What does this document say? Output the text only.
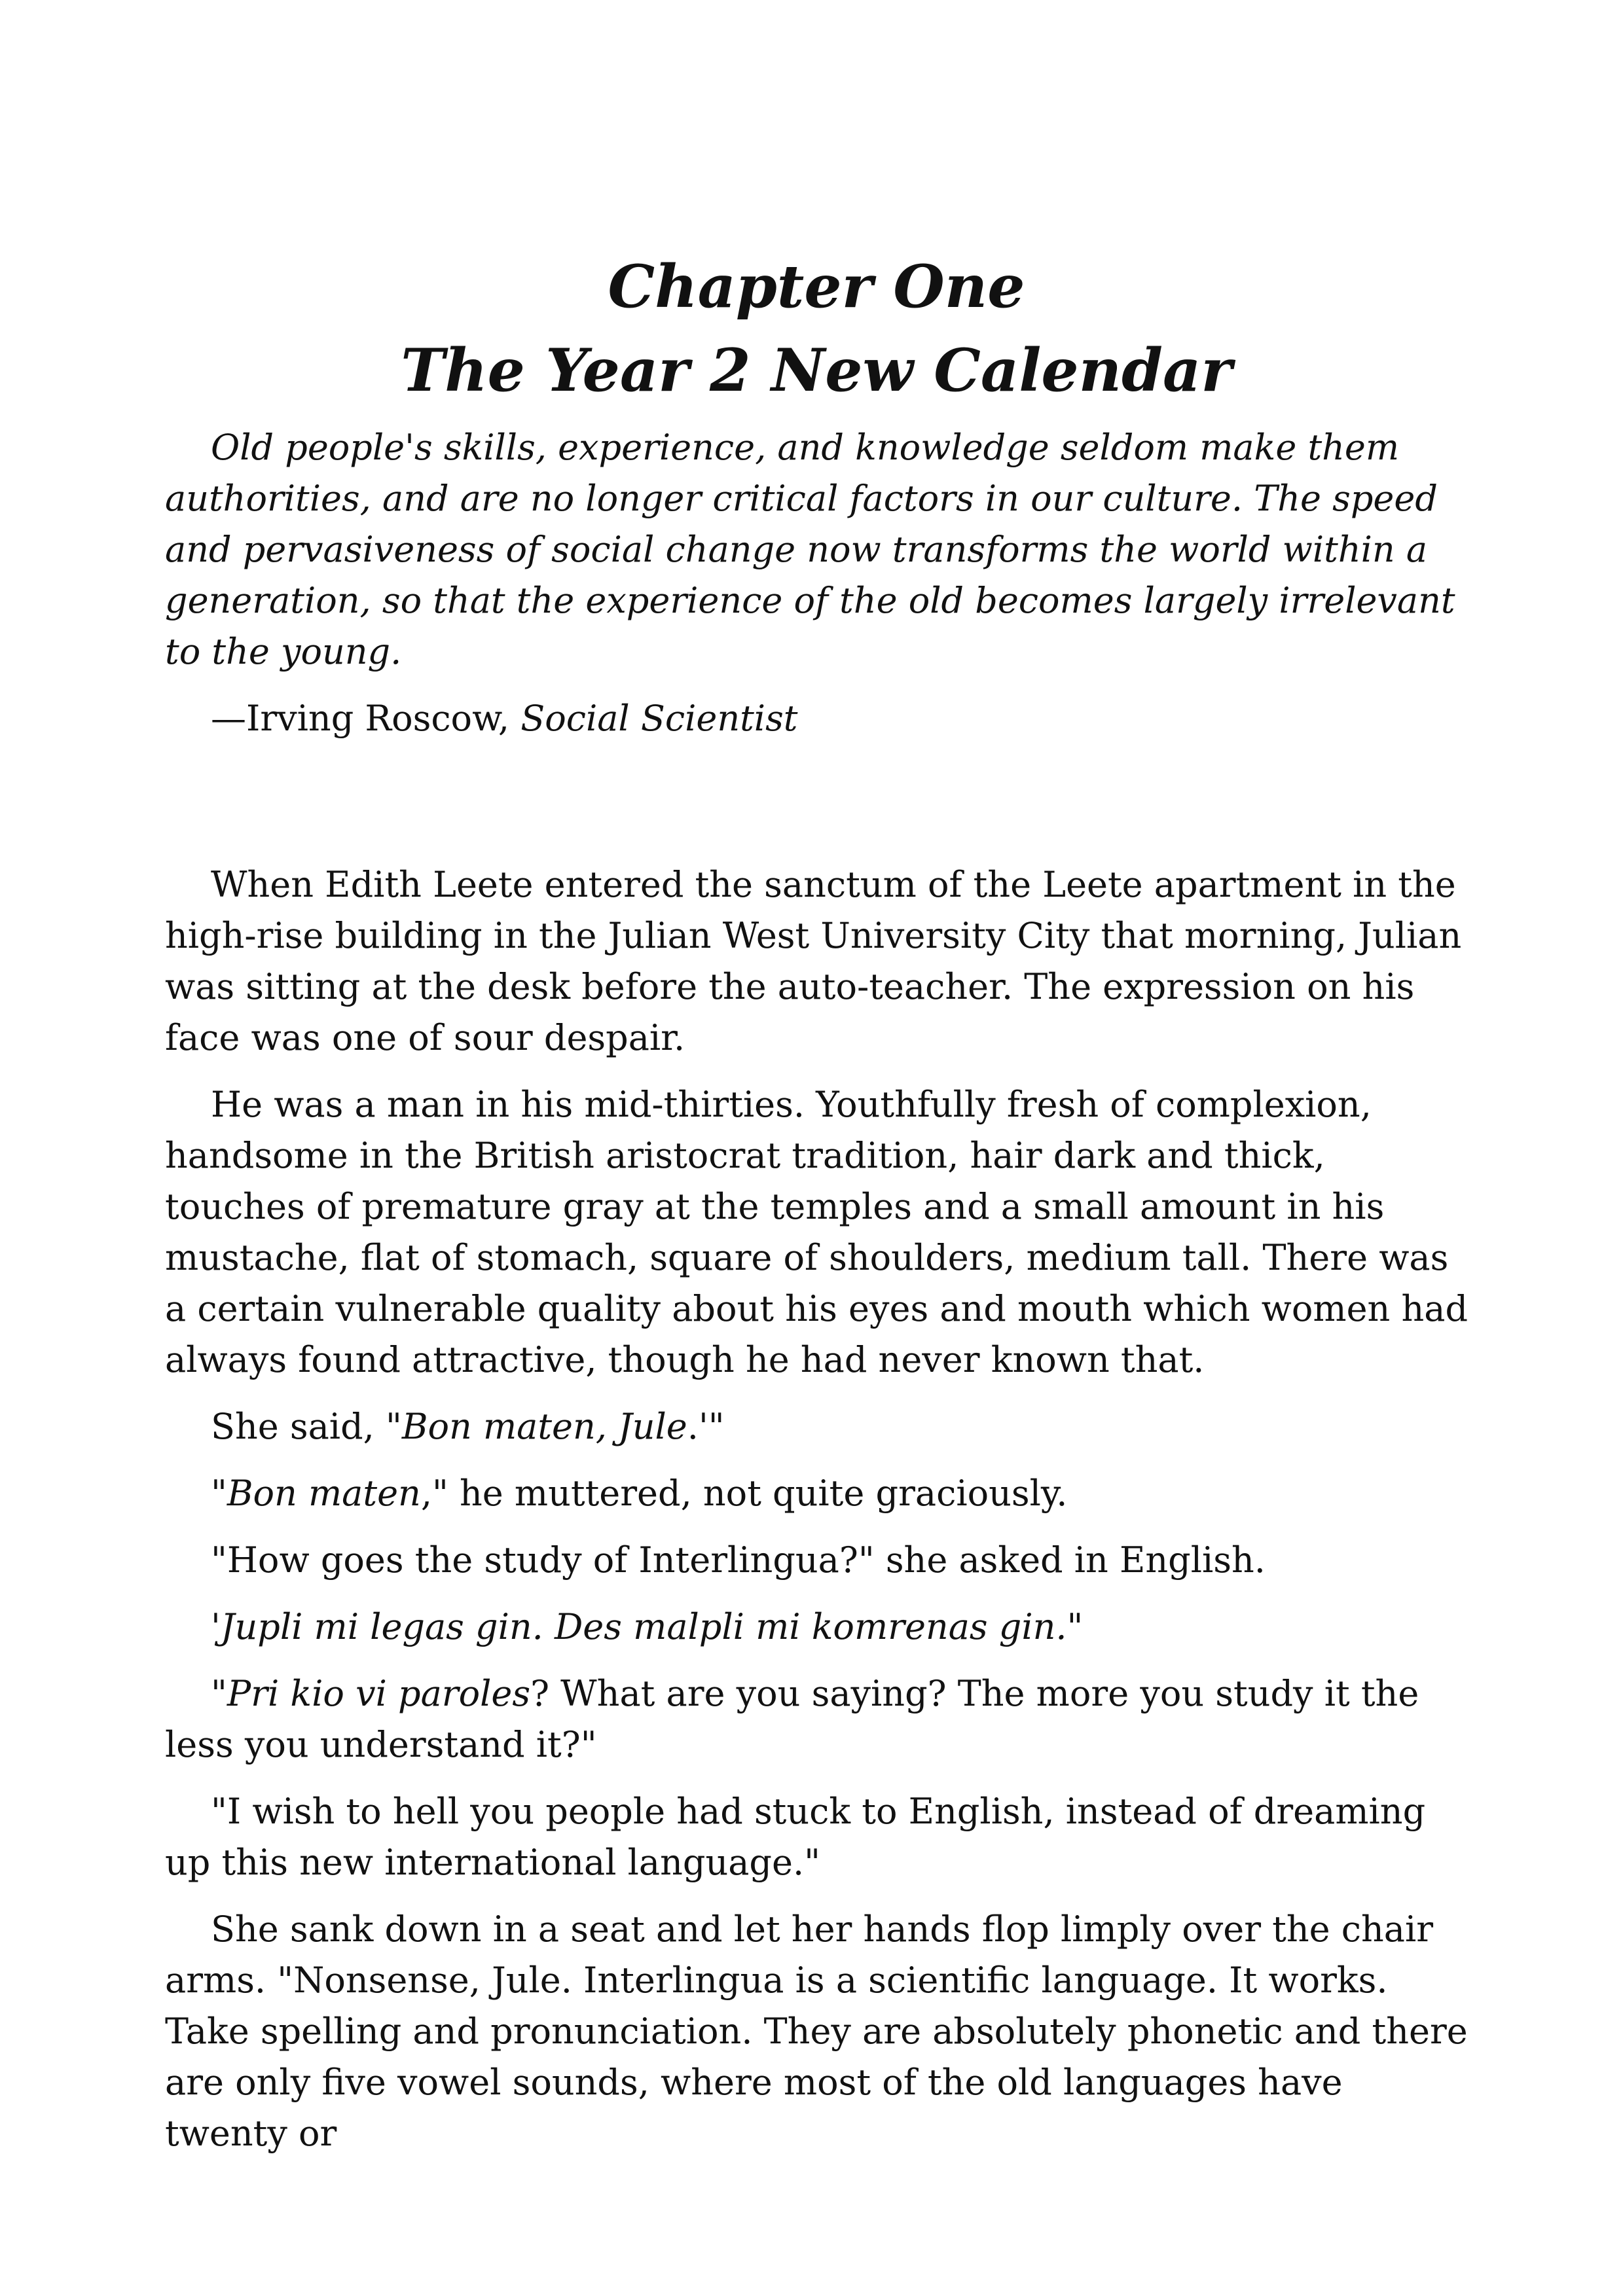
Chapter One
The Year 2 New Calendar

Old people's skills, experience, and knowledge seldom make them authorities, and are no longer critical factors in our culture. The speed and pervasiveness of social change now transforms the world within a generation, so that the experience of the old becomes largely irrelevant to the young.

—Irving Roscow, Social Scientist

When Edith Leete entered the sanctum of the Leete apartment in the high-rise building in the Julian West University City that morning, Julian was sitting at the desk before the auto-teacher. The expression on his face was one of sour despair.

He was a man in his mid-thirties. Youthfully fresh of complexion, handsome in the British aristocrat tradition, hair dark and thick, touches of premature gray at the temples and a small amount in his mustache, flat of stomach, square of shoulders, medium tall. There was a certain vulnerable quality about his eyes and mouth which women had always found attractive, though he had never known that.

She said, "Bon maten, Jule.'"

"Bon maten," he muttered, not quite graciously.

"How goes the study of Interlingua?" she asked in English.

'Jupli mi legas gin. Des malpli mi komrenas gin."

"Pri kio vi paroles? What are you saying? The more you study it the less you understand it?"

"I wish to hell you people had stuck to English, instead of dreaming up this new international language."

She sank down in a seat and let her hands flop limply over the chair arms. "Nonsense, Jule. Interlingua is a scientific language. It works. Take spelling and pronunciation. They are absolutely phonetic and there are only five vowel sounds, where most of the old languages have twenty or
